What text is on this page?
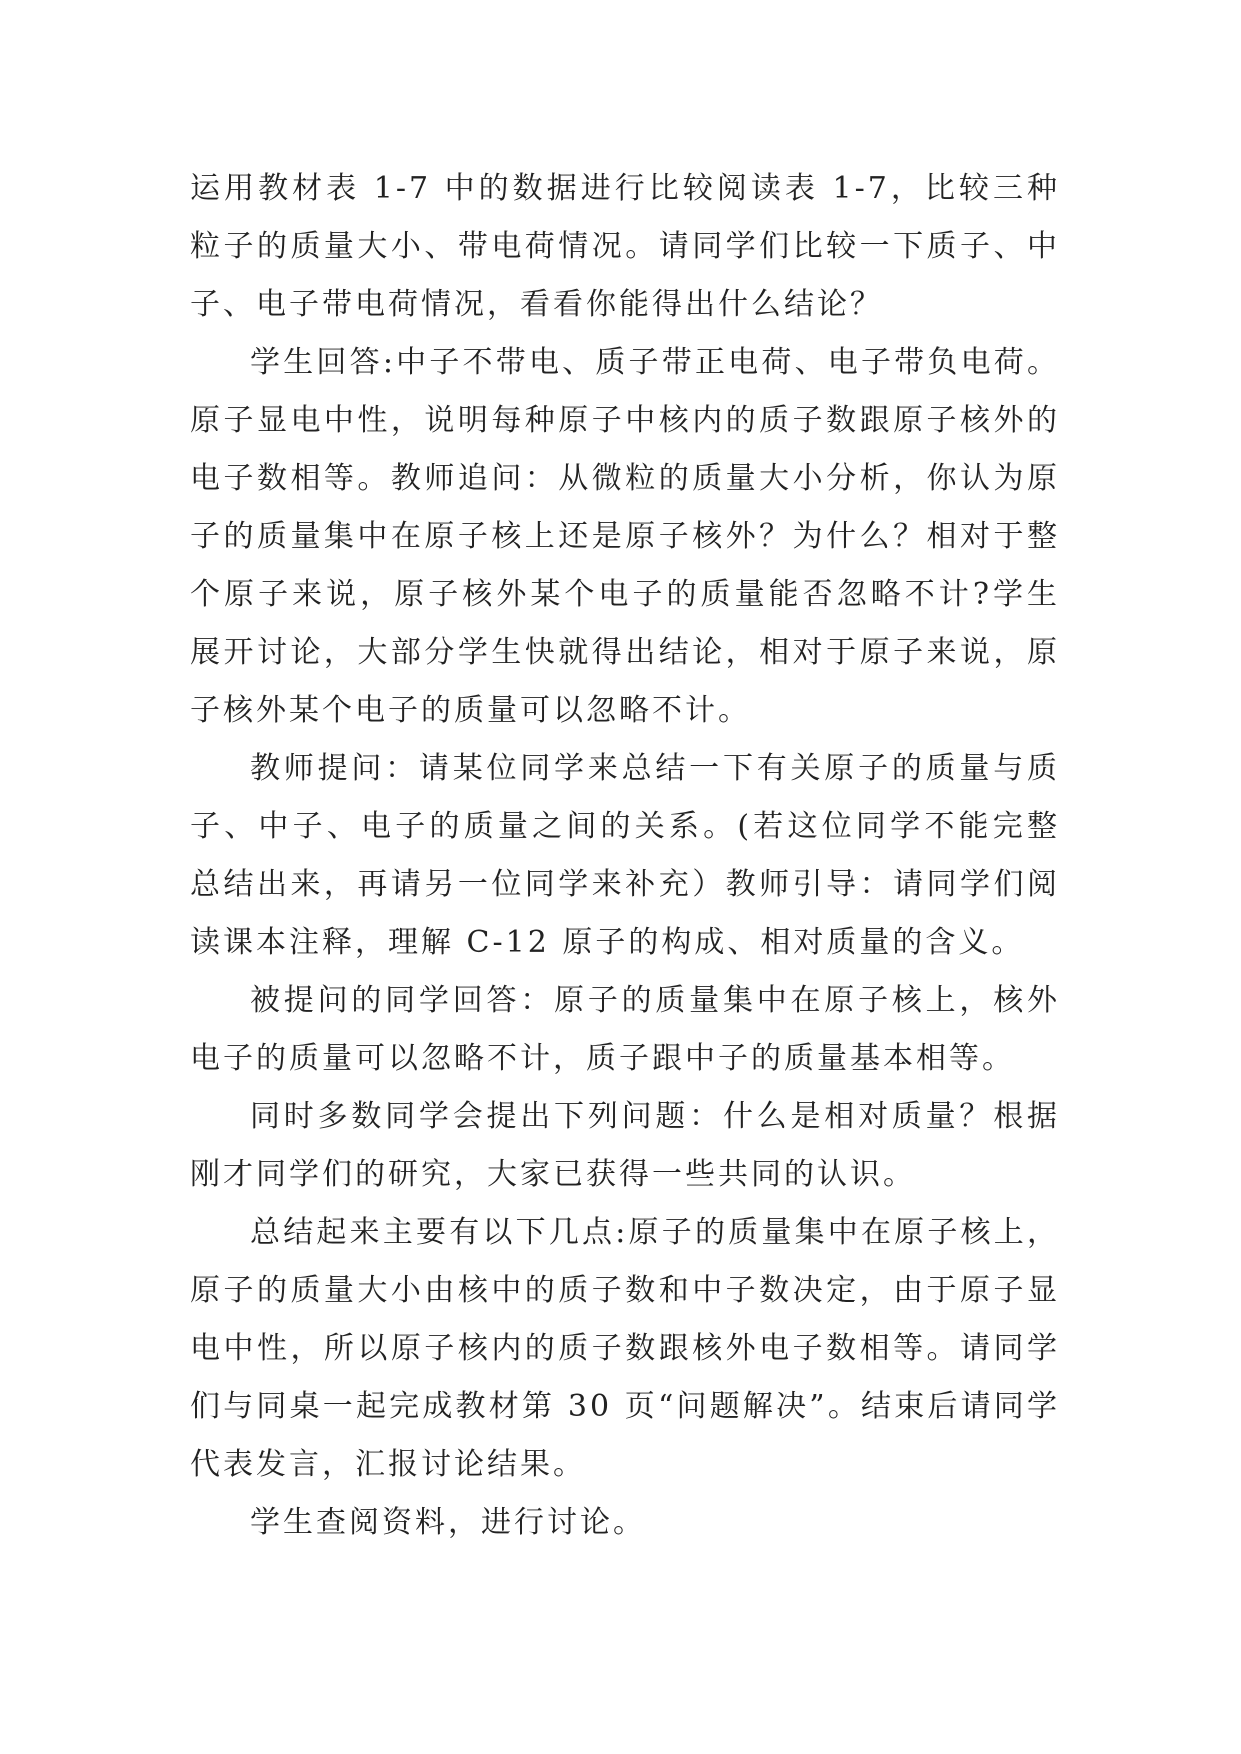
运用教材表 1-7 中的数据进行比较阅读表 1-7，比较三种粒子的质量大小、带电荷情况。请同学们比较一下质子、中子、电子带电荷情况，看看你能得出什么结论？

学生回答:中子不带电、质子带正电荷、电子带负电荷。原子显电中性，说明每种原子中核内的质子数跟原子核外的电子数相等。教师追问：从微粒的质量大小分析，你认为原子的质量集中在原子核上还是原子核外？为什么？相对于整个原子来说，原子核外某个电子的质量能否忽略不计?学生展开讨论，大部分学生快就得出结论，相对于原子来说，原子核外某个电子的质量可以忽略不计。

教师提问：请某位同学来总结一下有关原子的质量与质子、中子、电子的质量之间的关系。(若这位同学不能完整总结出来，再请另一位同学来补充）教师引导：请同学们阅读课本注释，理解 C-12 原子的构成、相对质量的含义。

被提问的同学回答：原子的质量集中在原子核上，核外电子的质量可以忽略不计，质子跟中子的质量基本相等。

同时多数同学会提出下列问题：什么是相对质量？根据刚才同学们的研究，大家已获得一些共同的认识。

总结起来主要有以下几点:原子的质量集中在原子核上，原子的质量大小由核中的质子数和中子数决定，由于原子显电中性，所以原子核内的质子数跟核外电子数相等。请同学们与同桌一起完成教材第 30 页“问题解决”。结束后请同学代表发言，汇报讨论结果。

学生查阅资料，进行讨论。
